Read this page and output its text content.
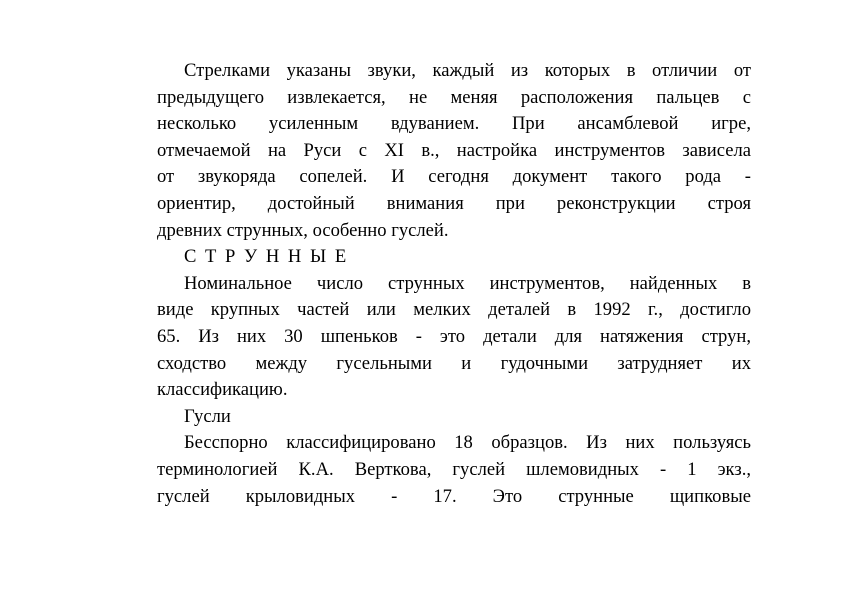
Стрелками указаны звуки, каждый из которых в отличии от
предыдущего извлекается, не меняя расположения пальцев с
несколько усиленным вдуванием. При ансамблевой игре,
отмечаемой на Руси с XI в., настройка инструментов зависела
от звукоряда сопелей. И сегодня документ такого рода -
ориентир, достойный внимания при реконструкции строя
древних струнных, особенно гуслей.
С Т Р У Н Н Ы Е
Номинальное число струнных инструментов, найденных в
виде крупных частей или мелких деталей в 1992 г., достигло
65. Из них 30 шпеньков - это детали для натяжения струн,
сходство между гусельными и гудочными затрудняет их
классификацию.
Гусли
Бесспорно классифицировано 18 образцов. Из них пользуясь
терминологией К.А. Верткова, гуслей шлемовидных - 1 экз.,
гуслей крыловидных - 17. Это струнные щипковые
